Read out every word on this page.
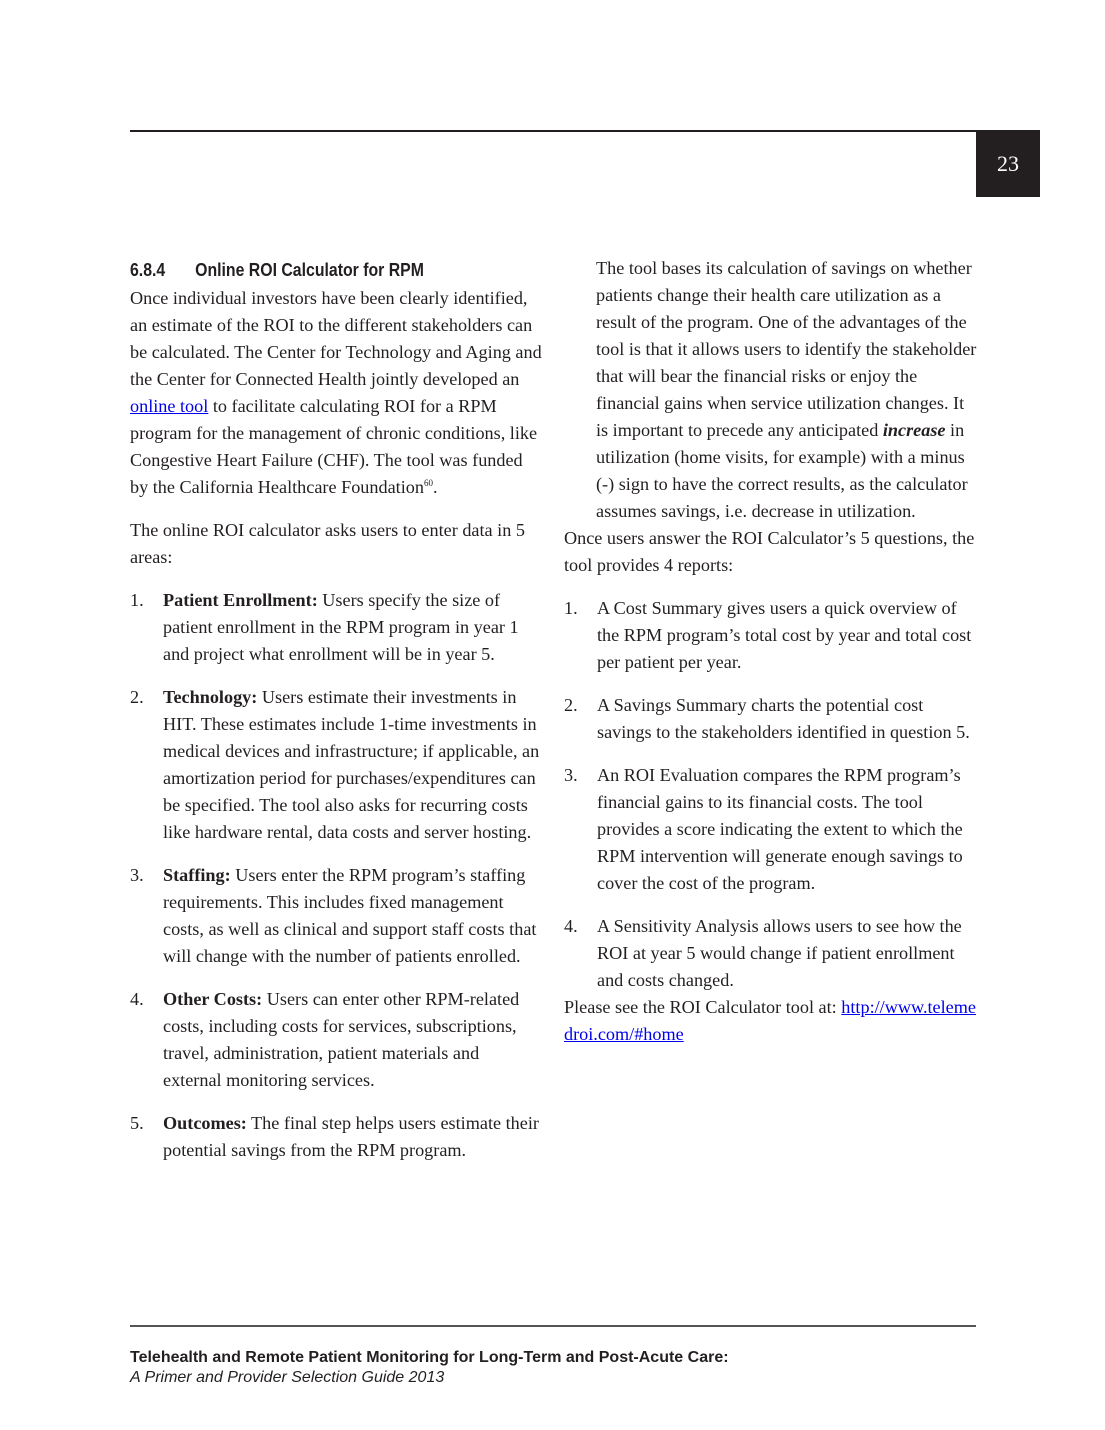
23
6.8.4 Online ROI Calculator for RPM

Once individual investors have been clearly identified, an estimate of the ROI to the different stakeholders can be calculated. The Center for Technology and Aging and the Center for Connected Health jointly developed an online tool to facilitate calculating ROI for a RPM program for the management of chronic conditions, like Congestive Heart Failure (CHF). The tool was funded by the California Healthcare Foundation$^{60}$.

The online ROI calculator asks users to enter data in 5 areas:

1.	Patient Enrollment: Users specify the size of patient enrollment in the RPM program in year 1 and project what enrollment will be in year 5.
2.	Technology: Users estimate their investments in HIT. These estimates include 1-time investments in medical devices and infrastructure; if applicable, an amortization period for purchases/expenditures can be specified. The tool also asks for recurring costs like hardware rental, data costs and server hosting.
3.	Staffing: Users enter the RPM program’s staffing requirements. This includes fixed management costs, as well as clinical and support staff costs that will change with the number of patients enrolled.
4.	Other Costs: Users can enter other RPM-related costs, including costs for services, subscriptions, travel, administration, patient materials and external monitoring services.
5.	Outcomes: The final step helps users estimate their potential savings from the RPM program.

The tool bases its calculation of savings on whether patients change their health care utilization as a result of the program. One of the advantages of the tool is that it allows users to identify the stakeholder that will bear the financial risks or enjoy the financial gains when service utilization changes. It is important to precede any anticipated increase in utilization (home visits, for example) with a minus (-) sign to have the correct results, as the calculator assumes savings, i.e. decrease in utilization.

Once users answer the ROI Calculator’s 5 questions, the tool provides 4 reports:

1.	A Cost Summary gives users a quick overview of the RPM program’s total cost by year and total cost per patient per year.
2.	A Savings Summary charts the potential cost savings to the stakeholders identified in question 5.
3.	An ROI Evaluation compares the RPM program’s financial gains to its financial costs. The tool provides a score indicating the extent to which the RPM intervention will generate enough savings to cover the cost of the program.
4.	A Sensitivity Analysis allows users to see how the ROI at year 5 would change if patient enrollment and costs changed.

Please see the ROI Calculator tool at: http://www.telemedroi.com/#home

Telehealth and Remote Patient Monitoring for Long-Term and Post-Acute Care:
A Primer and Provider Selection Guide 2013
